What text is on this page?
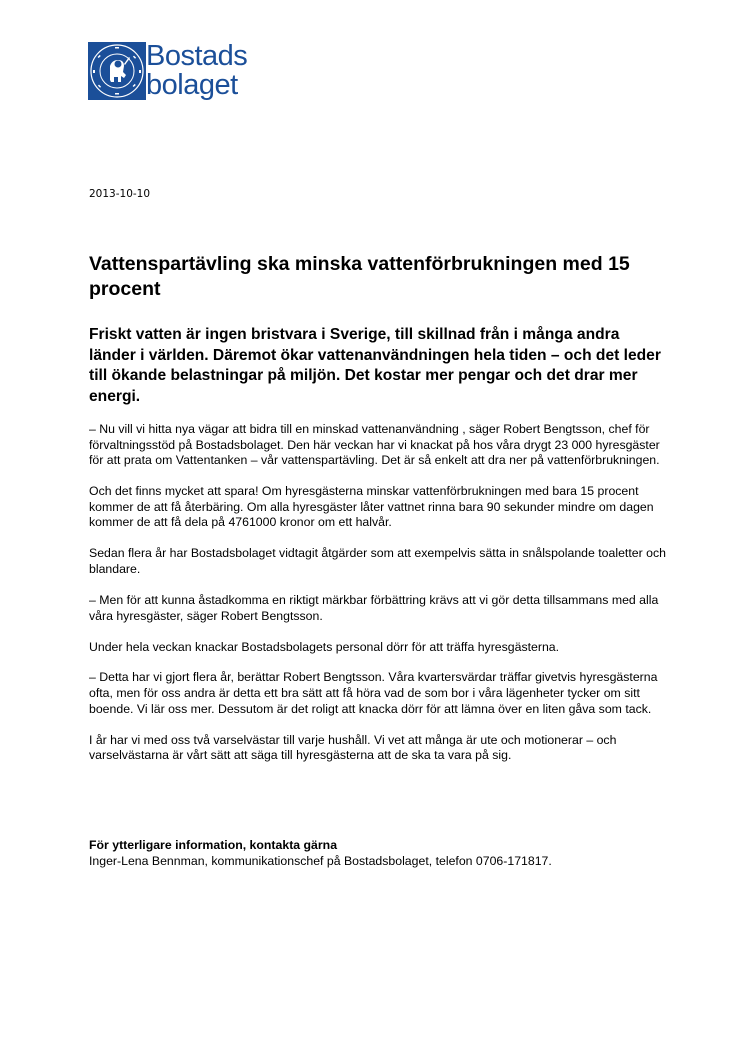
Bostads
bolaget
2013-10-10
Vattenspartävling ska minska vattenförbrukningen med 15 procent

Friskt vatten är ingen bristvara i Sverige, till skillnad från i många andra länder i världen. Däremot ökar vattenanvändningen hela tiden – och det leder till ökande belastningar på miljön. Det kostar mer pengar och det drar mer energi.

– Nu vill vi hitta nya vägar att bidra till en minskad vattenanvändning , säger Robert Bengtsson, chef för förvaltningsstöd på Bostadsbolaget. Den här veckan har vi knackat på hos våra drygt 23 000 hyresgäster för att prata om Vattentanken – vår vattenspartävling. Det är så enkelt att dra ner på vattenförbrukningen.

Och det finns mycket att spara! Om hyresgästerna minskar vattenförbrukningen med bara 15 procent kommer de att få återbäring. Om alla hyresgäster låter vattnet rinna bara 90 sekunder mindre om dagen kommer de att få dela på 4761000 kronor om ett halvår.

Sedan flera år har Bostadsbolaget vidtagit åtgärder som att exempelvis sätta in snålspolande toaletter och blandare.

– Men för att kunna åstadkomma en riktigt märkbar förbättring krävs att vi gör detta tillsammans med alla våra hyresgäster, säger Robert Bengtsson.

Under hela veckan knackar Bostadsbolagets personal dörr för att träffa hyresgästerna.

– Detta har vi gjort flera år, berättar Robert Bengtsson. Våra kvartersvärdar träffar givetvis hyresgästerna ofta, men för oss andra är detta ett bra sätt att få höra vad de som bor i våra lägenheter tycker om sitt boende. Vi lär oss mer. Dessutom är det roligt att knacka dörr för att lämna över en liten gåva som tack.

I år har vi med oss två varselvästar till varje hushåll. Vi vet att många är ute och motionerar – och varselvästarna är vårt sätt att säga till hyresgästerna att de ska ta vara på sig.

För ytterligare information, kontakta gärna
Inger-Lena Bennman, kommunikationschef på Bostadsbolaget, telefon 0706-171817.
